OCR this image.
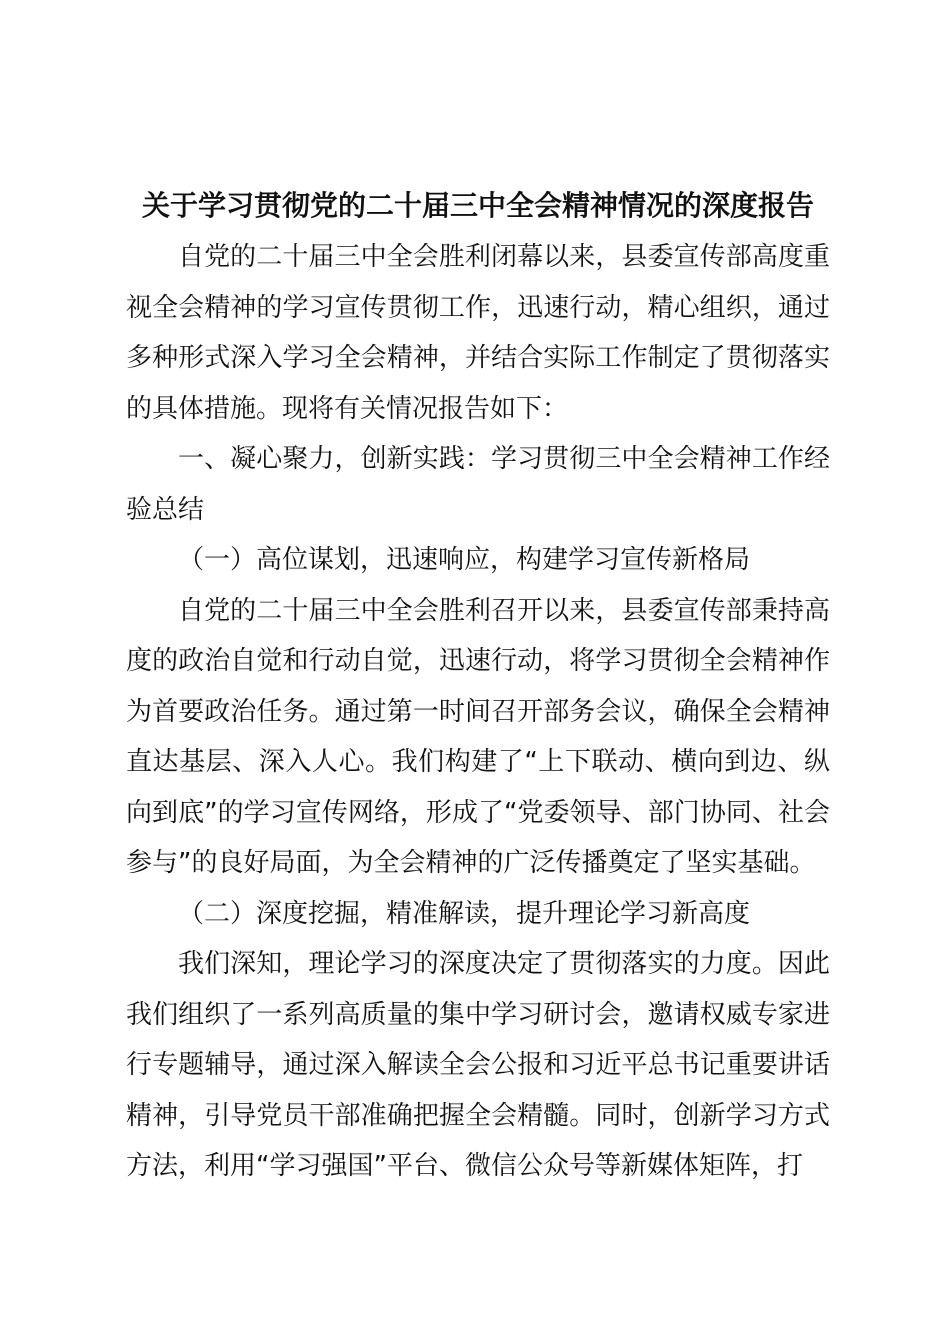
关于学习贯彻党的二十届三中全会精神情况的深度报告

自党的二十届三中全会胜利闭幕以来，县委宣传部高度重视全会精神的学习宣传贯彻工作，迅速行动，精心组织，通过多种形式深入学习全会精神，并结合实际工作制定了贯彻落实的具体措施。现将有关情况报告如下：

一、凝心聚力，创新实践：学习贯彻三中全会精神工作经验总结

（一）高位谋划，迅速响应，构建学习宣传新格局

自党的二十届三中全会胜利召开以来，县委宣传部秉持高度的政治自觉和行动自觉，迅速行动，将学习贯彻全会精神作为首要政治任务。通过第一时间召开部务会议，确保全会精神直达基层、深入人心。我们构建了“上下联动、横向到边、纵向到底”的学习宣传网络，形成了“党委领导、部门协同、社会参与”的良好局面，为全会精神的广泛传播奠定了坚实基础。

（二）深度挖掘，精准解读，提升理论学习新高度

我们深知，理论学习的深度决定了贯彻落实的力度。因此我们组织了一系列高质量的集中学习研讨会，邀请权威专家进行专题辅导，通过深入解读全会公报和习近平总书记重要讲话精神，引导党员干部准确把握全会精髓。同时，创新学习方式方法，利用“学习强国”平台、微信公众号等新媒体矩阵，打
